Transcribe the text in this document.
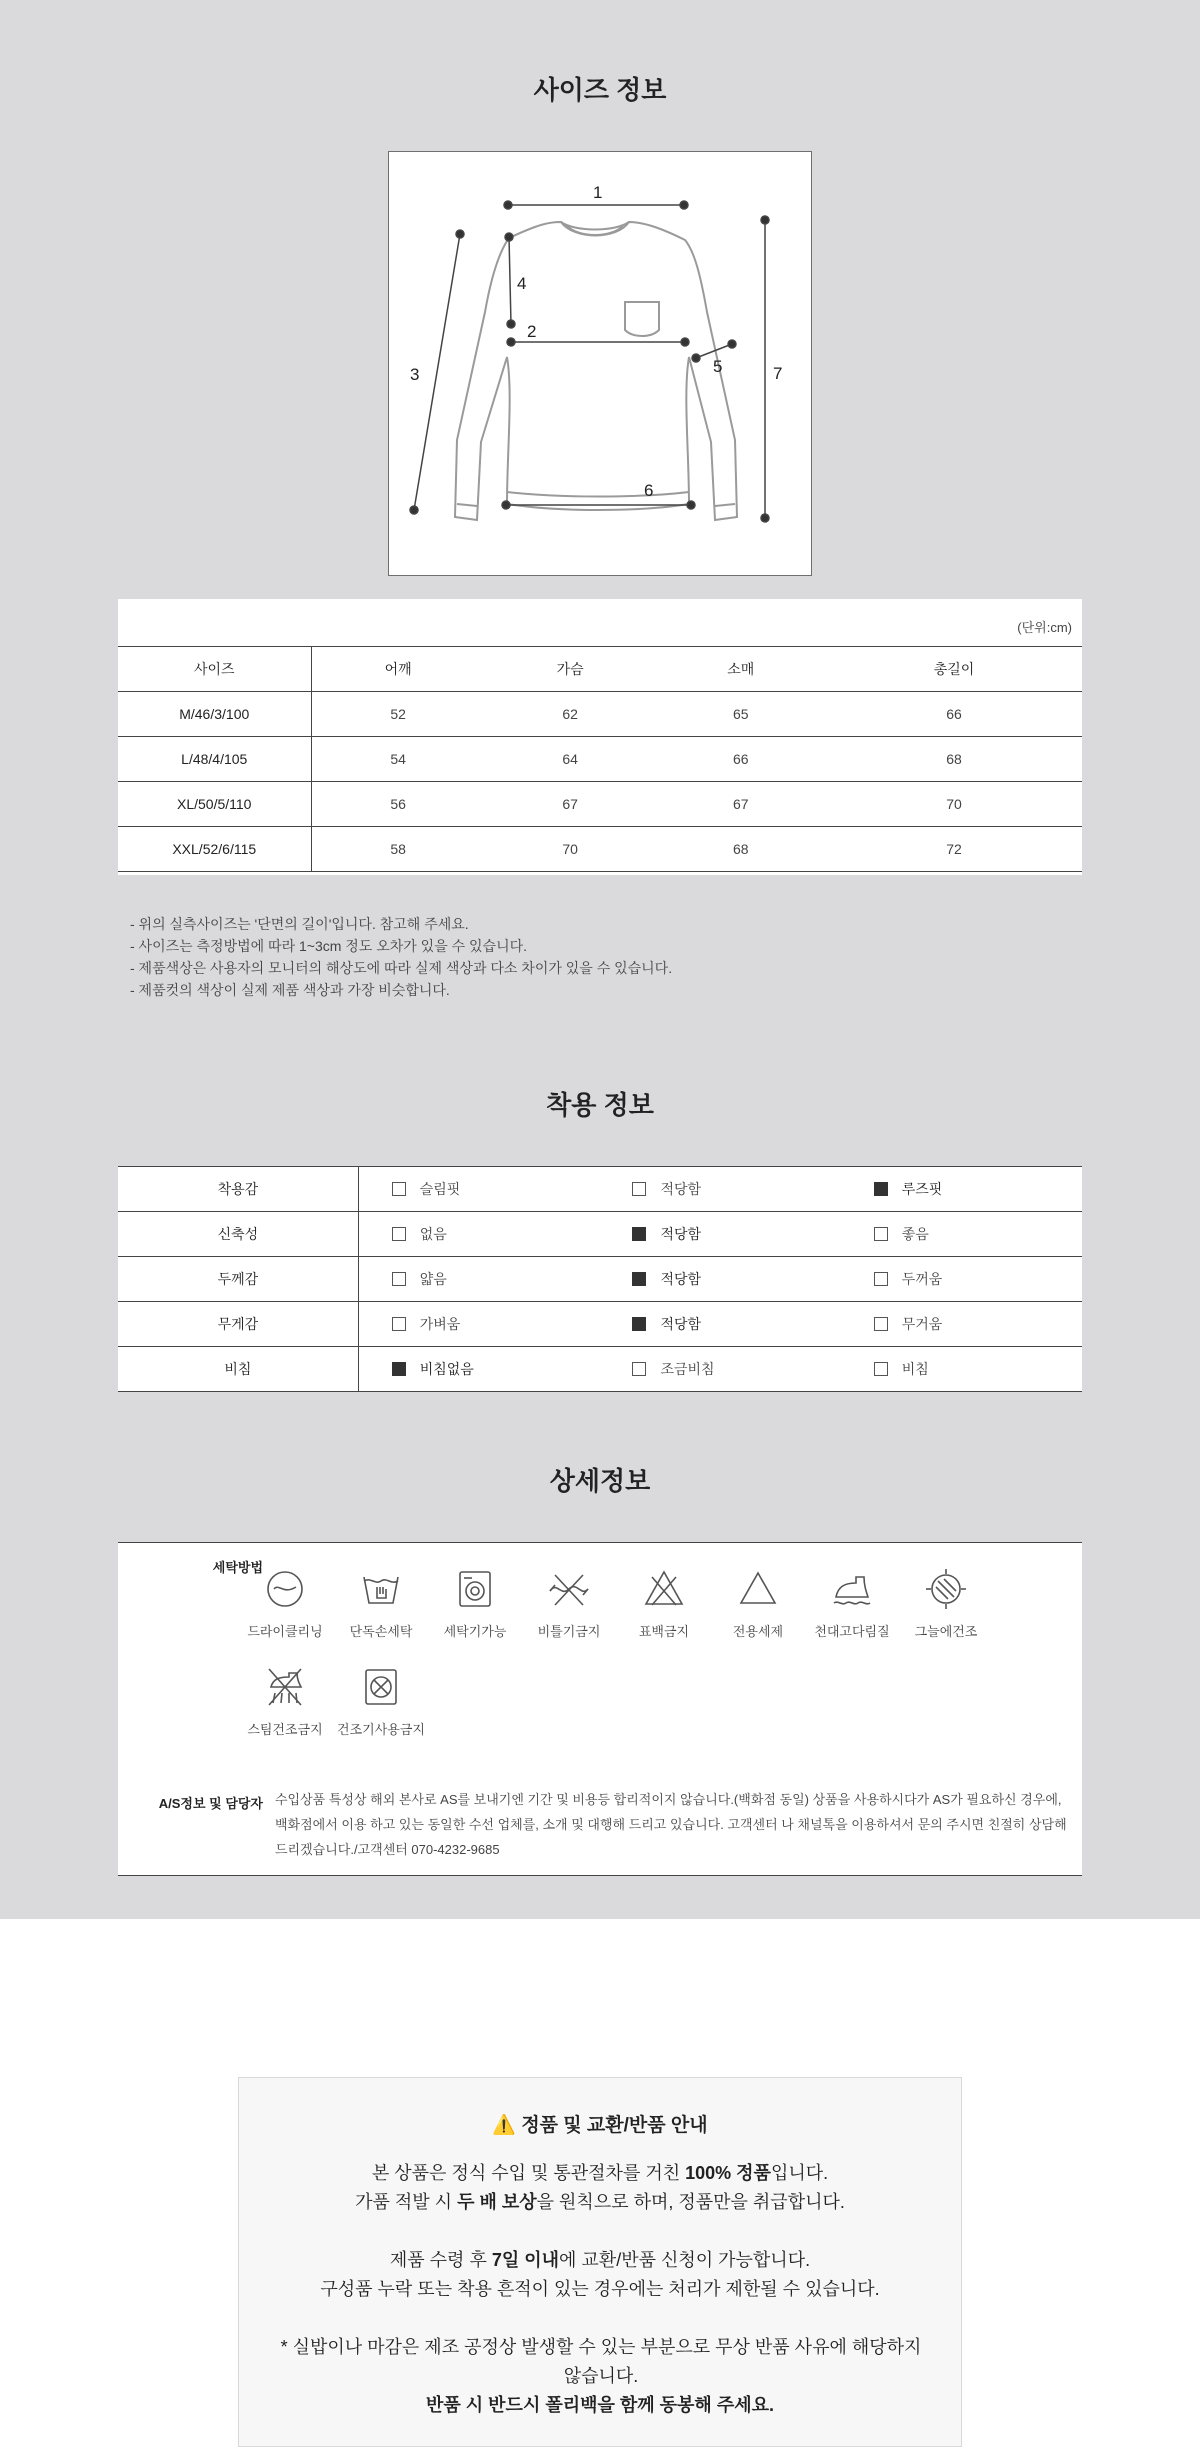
사이즈 정보
1
2
3
4
5
6
7
(단위:cm)
사이즈	어깨	가슴	소매	총길이
M/46/3/100	52	62	65	66
L/48/4/105	54	64	66	68
XL/50/5/110	56	67	67	70
XXL/52/6/115	58	70	68	72
- 위의 실측사이즈는 '단면의 길이'입니다. 참고해 주세요.
- 사이즈는 측정방법에 따라 1~3cm 정도 오차가 있을 수 있습니다.
- 제품색상은 사용자의 모니터의 해상도에 따라 실제 색상과 다소 차이가 있을 수 있습니다.
- 제품컷의 색상이 실제 제품 색상과 가장 비슷합니다.
착용 정보
착용감	슬림핏	적당함	루즈핏
신축성	없음	적당함	좋음
두께감	얇음	적당함	두꺼움
무게감	가벼움	적당함	무거움
비침	비침없음	조금비침	비침
상세정보
세탁방법
드라이클리닝	단독손세탁	세탁기가능	비틀기금지	표백금지	전용세제	천대고다림질	그늘에건조
스팀건조금지	건조기사용금지
A/S정보 및 담당자 수입상품 특성상 해외 본사로 AS를 보내기엔 기간 및 비용등 합리적이지 않습니다.(백화점 동일) 상품을 사용하시다가 AS가 필요하신 경우에, 백화점에서 이용 하고 있는 동일한 수선 업체를, 소개 및 대행해 드리고 있습니다. 고객센터 나 채널톡을 이용하셔서 문의 주시면 친절히 상담해 드리겠습니다./고객센터 070-4232-9685
⚠️ 정품 및 교환/반품 안내
본 상품은 정식 수입 및 통관절차를 거친 100% 정품입니다.
가품 적발 시 두 배 보상을 원칙으로 하며, 정품만을 취급합니다.
제품 수령 후 7일 이내에 교환/반품 신청이 가능합니다.
구성품 누락 또는 착용 흔적이 있는 경우에는 처리가 제한될 수 있습니다.
* 실밥이나 마감은 제조 공정상 발생할 수 있는 부분으로 무상 반품 사유에 해당하지 않습니다.
반품 시 반드시 폴리백을 함께 동봉해 주세요.
